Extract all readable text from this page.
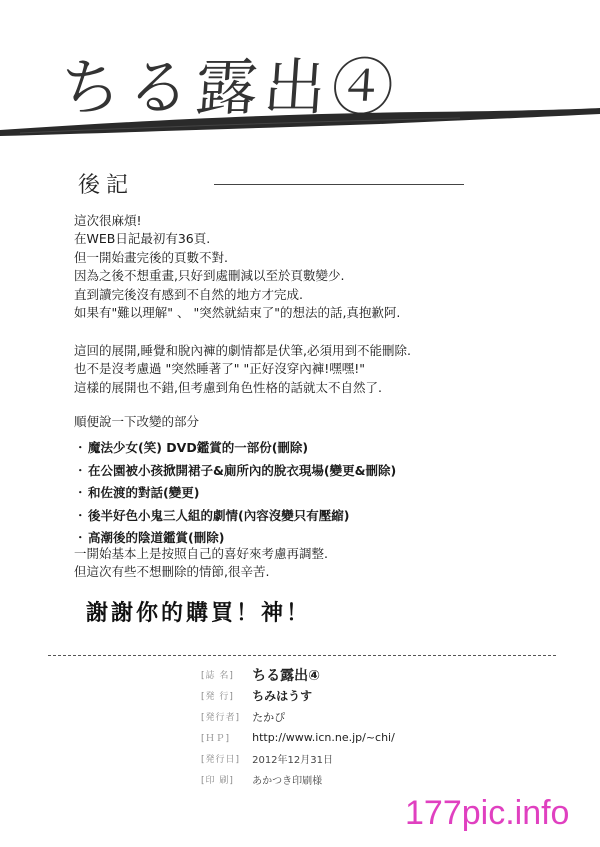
ちる露出④
後記
這次很麻煩!
在WEB日記最初有36頁.
但一開始畫完後的頁數不對.
因為之後不想重畫,只好到處刪減以至於頁數變少.
直到讀完後沒有感到不自然的地方才完成.
如果有"難以理解" 、 "突然就結束了"的想法的話,真抱歉阿.
這回的展開,睡覺和脫內褲的劇情都是伏筆,必須用到不能刪除.
也不是沒考慮過 "突然睡著了" "正好沒穿內褲!嘿嘿!"
這樣的展開也不錯,但考慮到角色性格的話就太不自然了.
順便說一下改變的部分
・魔法少女(笑) DVD鑑賞的一部份(刪除)
・在公園被小孩掀開裙子&廁所內的脫衣現場(變更&刪除)
・和佐渡的對話(變更)
・後半好色小鬼三人組的劇情(內容沒變只有壓縮)
・高潮後的陰道鑑賞(刪除)
一開始基本上是按照自己的喜好來考慮再調整.
但這次有些不想刪除的情節,很辛苦.
謝謝你的購買！神！
[誌 名] ちる露出④
[発 行] ちみはうす
[発行者] たかぴ
[ＨＰ] http://www.icn.ne.jp/~chi/
[発行日] 2012年12月31日
[印 刷] あかつき印刷様
177pic.info
